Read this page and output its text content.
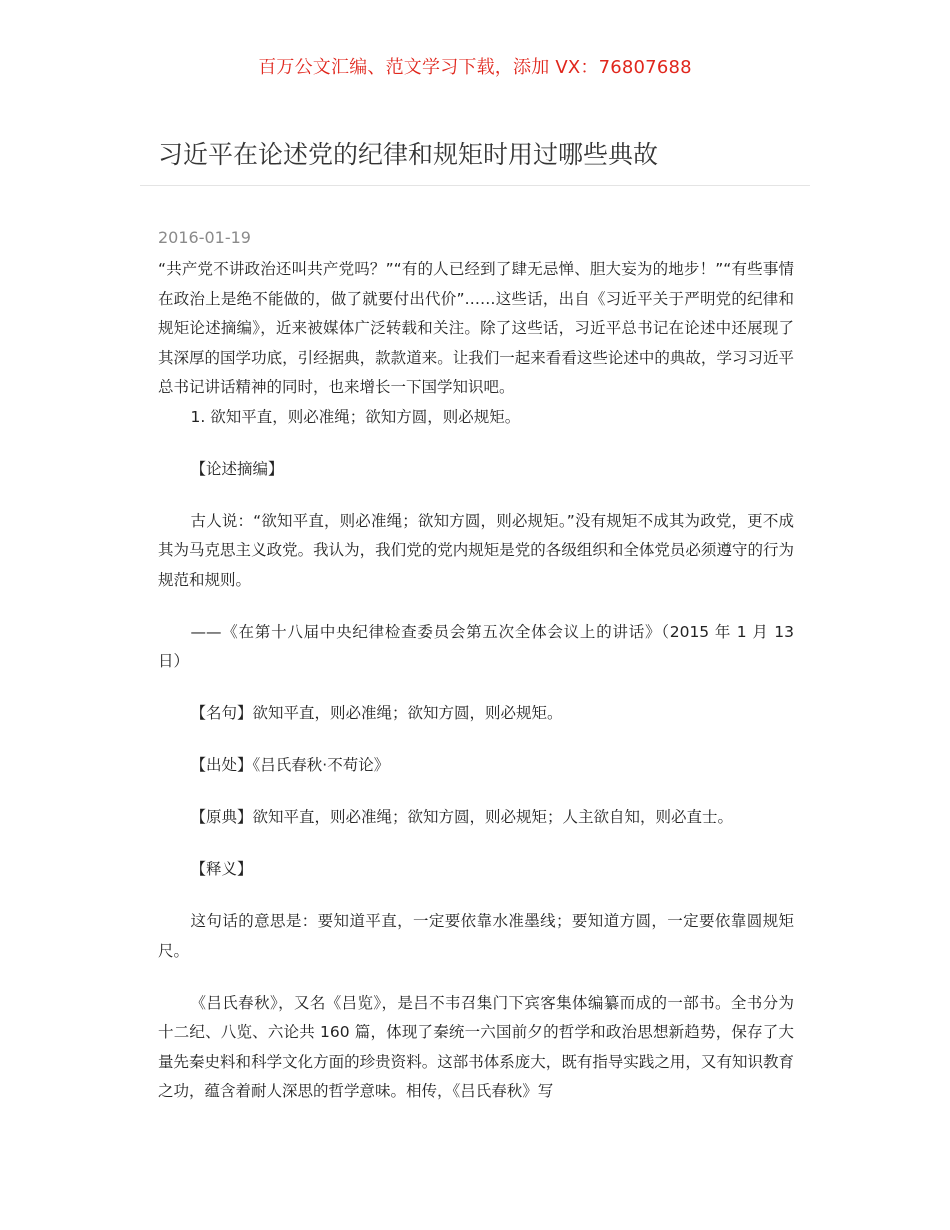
百万公文汇编、范文学习下载，添加 VX：76807688
习近平在论述党的纪律和规矩时用过哪些典故
2016-01-19

“共产党不讲政治还叫共产党吗？”“有的人已经到了肆无忌惮、胆大妄为的地步！”“有些事情在政治上是绝不能做的，做了就要付出代价”……这些话，出自《习近平关于严明党的纪律和规矩论述摘编》，近来被媒体广泛转载和关注。除了这些话，习近平总书记在论述中还展现了其深厚的国学功底，引经据典，款款道来。让我们一起来看看这些论述中的典故，学习习近平总书记讲话精神的同时，也来增长一下国学知识吧。

1. 欲知平直，则必准绳；欲知方圆，则必规矩。

【论述摘编】

古人说：“欲知平直，则必准绳；欲知方圆，则必规矩。”没有规矩不成其为政党，更不成其为马克思主义政党。我认为，我们党的党内规矩是党的各级组织和全体党员必须遵守的行为规范和规则。

——《在第十八届中央纪律检查委员会第五次全体会议上的讲话》（2015 年 1 月 13 日）

【名句】欲知平直，则必准绳；欲知方圆，则必规矩。

【出处】《吕氏春秋·不苟论》

【原典】欲知平直，则必准绳；欲知方圆，则必规矩；人主欲自知，则必直士。

【释义】

这句话的意思是：要知道平直，一定要依靠水准墨线；要知道方圆，一定要依靠圆规矩尺。

《吕氏春秋》，又名《吕览》，是吕不韦召集门下宾客集体编纂而成的一部书。全书分为十二纪、八览、六论共 160 篇，体现了秦统一六国前夕的哲学和政治思想新趋势，保存了大量先秦史料和科学文化方面的珍贵资料。这部书体系庞大，既有指导实践之用，又有知识教育之功，蕴含着耐人深思的哲学意味。相传，《吕氏春秋》写
